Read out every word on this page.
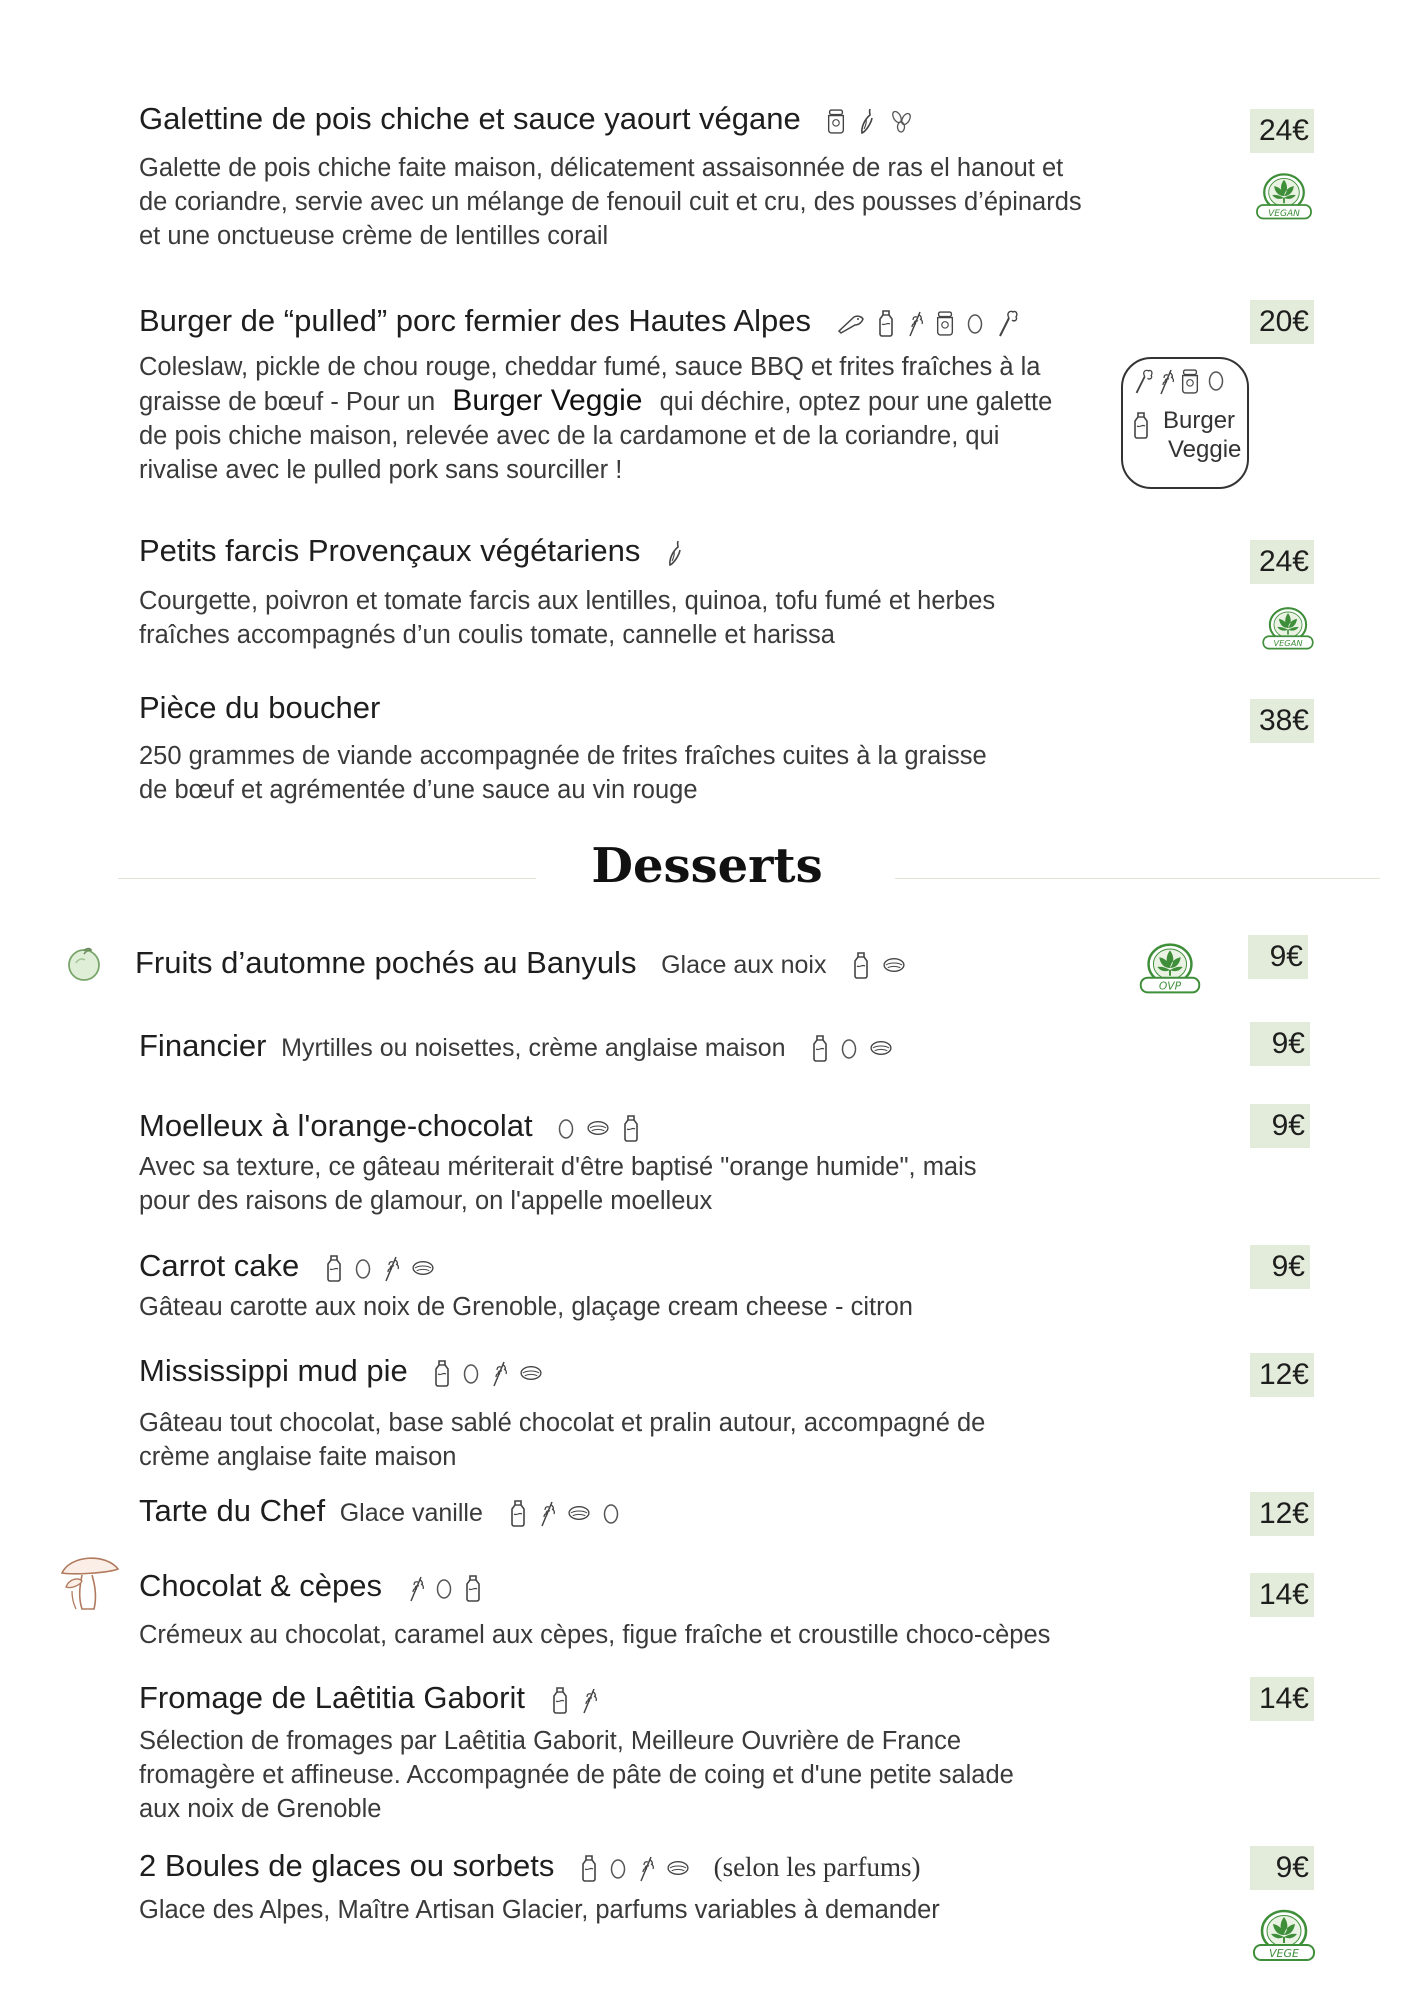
Galettine de pois chiche et sauce yaourt végane
Galette de pois chiche faite maison, délicatement assaisonnée de ras el hanout et
de coriandre, servie avec un mélange de fenouil cuit et cru, des pousses d’épinards
et une onctueuse crème de lentilles corail
24€
VEGAN
Burger de “pulled” porc fermier des Hautes Alpes
Coleslaw, pickle de chou rouge, cheddar fumé, sauce BBQ et frites fraîches à la
graisse de bœuf - Pour un Burger Veggie qui déchire, optez pour une galette
de pois chiche maison, relevée avec de la cardamone et de la coriandre, qui
rivalise avec le pulled pork sans sourciller !
20€
Burger
Veggie
Petits farcis Provençaux végétariens
Courgette, poivron et tomate farcis aux lentilles, quinoa, tofu fumé et herbes
fraîches accompagnés d’un coulis tomate, cannelle et harissa
24€
VEGAN
Pièce du boucher
250 grammes de viande accompagnée de frites fraîches cuites à la graisse
de bœuf et agrémentée d’une sauce au vin rouge
38€
Desserts
Fruits d’automne pochés au Banyuls Glace aux noix
OVP
9€
Financier Myrtilles ou noisettes, crème anglaise maison	9€
Moelleux à l'orange-chocolat
Avec sa texture, ce gâteau mériterait d'être baptisé "orange humide", mais
pour des raisons de glamour, on l'appelle moelleux
9€
Carrot cake
Gâteau carotte aux noix de Grenoble, glaçage cream cheese - citron
9€
Mississippi mud pie
Gâteau tout chocolat, base sablé chocolat et pralin autour, accompagné de
crème anglaise faite maison
12€
Tarte du Chef Glace vanille	12€
Chocolat & cèpes
Crémeux au chocolat, caramel aux cèpes, figue fraîche et croustille choco-cèpes
14€
Fromage de Laêtitia Gaborit
Sélection de fromages par Laêtitia Gaborit, Meilleure Ouvrière de France
fromagère et affineuse. Accompagnée de pâte de coing et d'une petite salade
aux noix de Grenoble
14€
2 Boules de glaces ou sorbets	(selon les parfums)
Glace des Alpes, Maître Artisan Glacier, parfums variables à demander
9€
VEGE
